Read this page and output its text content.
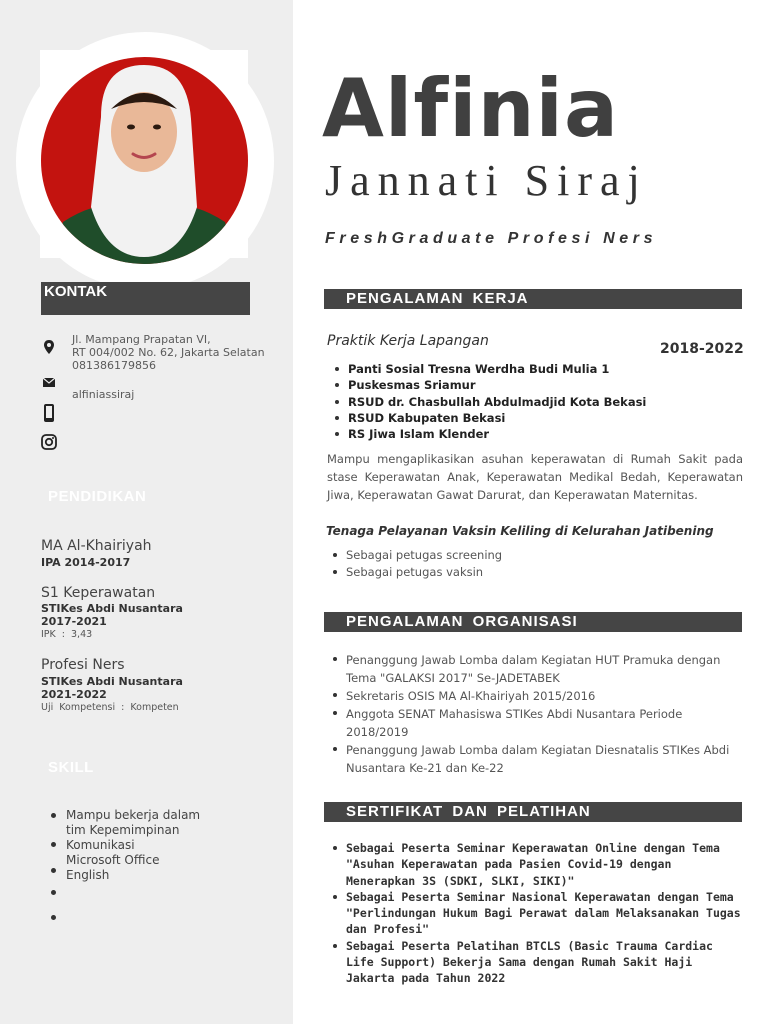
KONTAK
Jl. Mampang Prapatan VI,
RT 004/002 No. 62, Jakarta Selatan
081386179856
alfiniassiraj
PENDIDIKAN
MA Al-Khairiyah
IPA 2014-2017
S1 Keperawatan
STIKes Abdi Nusantara 2017-2021
IPK : 3,43
Profesi Ners
STIKes Abdi Nusantara 2021-2022
Uji Kompetensi : Kompeten
SKILL
Mampu bekerja dalam tim Kepemimpinan
Komunikasi
Microsoft Office
English
Alfinia
Jannati Siraj
FreshGraduate Profesi Ners
PENGALAMAN KERJA
Praktik Kerja Lapangan	2018-2022
Panti Sosial Tresna Werdha Budi Mulia 1
Puskesmas Sriamur
RSUD dr. Chasbullah Abdulmadjid Kota Bekasi
RSUD Kabupaten Bekasi
RS Jiwa Islam Klender
Mampu mengaplikasikan asuhan keperawatan di Rumah Sakit pada stase Keperawatan Anak, Keperawatan Medikal Bedah, Keperawatan Jiwa, Keperawatan Gawat Darurat, dan Keperawatan Maternitas.
Tenaga Pelayanan Vaksin Keliling di Kelurahan Jatibening
Sebagai petugas screening
Sebagai petugas vaksin
PENGALAMAN ORGANISASI
Penanggung Jawab Lomba dalam Kegiatan HUT Pramuka dengan Tema "GALAKSI 2017" Se-JADETABEK
Sekretaris OSIS MA Al-Khairiyah 2015/2016
Anggota SENAT Mahasiswa STIKes Abdi Nusantara Periode 2018/2019
Penanggung Jawab Lomba dalam Kegiatan Diesnatalis STIKes Abdi Nusantara Ke-21 dan Ke-22
SERTIFIKAT DAN PELATIHAN
Sebagai Peserta Seminar Keperawatan Online dengan Tema "Asuhan Keperawatan pada Pasien Covid-19 dengan Menerapkan 3S (SDKI, SLKI, SIKI)"
Sebagai Peserta Seminar Nasional Keperawatan dengan Tema "Perlindungan Hukum Bagi Perawat dalam Melaksanakan Tugas dan Profesi"
Sebagai Peserta Pelatihan BTCLS (Basic Trauma Cardiac Life Support) Bekerja Sama dengan Rumah Sakit Haji Jakarta pada Tahun 2022
